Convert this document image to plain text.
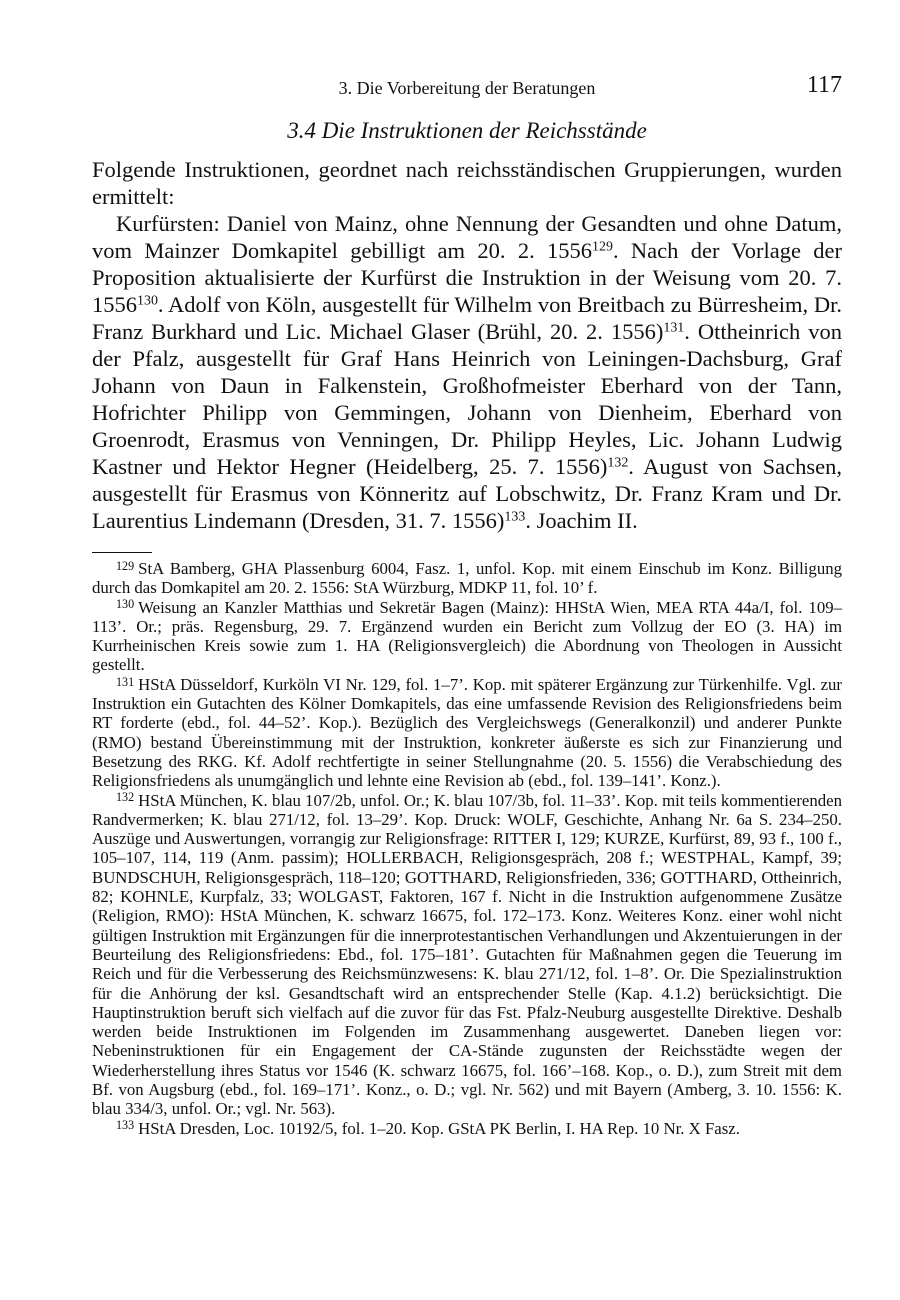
3. Die Vorbereitung der Beratungen	117
3.4 Die Instruktionen der Reichsstände

Folgende Instruktionen, geordnet nach reichsständischen Gruppierungen, wurden ermittelt:

Kurfürsten: Daniel von Mainz, ohne Nennung der Gesandten und ohne Datum, vom Mainzer Domkapitel gebilligt am 20. 2. 1556$^{129}$. Nach der Vorlage der Proposition aktualisierte der Kurfürst die Instruktion in der Weisung vom 20. 7. 1556$^{130}$. Adolf von Köln, ausgestellt für Wilhelm von Breitbach zu Bürresheim, Dr. Franz Burkhard und Lic. Michael Glaser (Brühl, 20. 2. 1556)$^{131}$. Ottheinrich von der Pfalz, ausgestellt für Graf Hans Heinrich von Leiningen-Dachsburg, Graf Johann von Daun in Falkenstein, Großhofmeister Eberhard von der Tann, Hofrichter Philipp von Gemmingen, Johann von Dienheim, Eberhard von Groenrodt, Erasmus von Venningen, Dr. Philipp Heyles, Lic. Johann Ludwig Kastner und Hektor Hegner (Heidelberg, 25. 7. 1556)$^{132}$. August von Sachsen, ausgestellt für Erasmus von Könneritz auf Lobschwitz, Dr. Franz Kram und Dr. Laurentius Lindemann (Dresden, 31. 7. 1556)$^{133}$. Joachim II.

$^{129}$ StA Bamberg, GHA Plassenburg 6004, Fasz. 1, unfol. Kop. mit einem Einschub im Konz. Billigung durch das Domkapitel am 20. 2. 1556: StA Würzburg, MDKP 11, fol. 10’ f.

$^{130}$ Weisung an Kanzler Matthias und Sekretär Bagen (Mainz): HHStA Wien, MEA RTA 44a/I, fol. 109–113’. Or.; präs. Regensburg, 29. 7. Ergänzend wurden ein Bericht zum Vollzug der EO (3. HA) im Kurrheinischen Kreis sowie zum 1. HA (Religionsvergleich) die Abordnung von Theologen in Aussicht gestellt.

$^{131}$ HStA Düsseldorf, Kurköln VI Nr. 129, fol. 1–7’. Kop. mit späterer Ergänzung zur Türkenhilfe. Vgl. zur Instruktion ein Gutachten des Kölner Domkapitels, das eine umfassende Revision des Religionsfriedens beim RT forderte (ebd., fol. 44–52’. Kop.). Bezüglich des Vergleichswegs (Generalkonzil) und anderer Punkte (RMO) bestand Übereinstimmung mit der Instruktion, konkreter äußerste es sich zur Finanzierung und Besetzung des RKG. Kf. Adolf rechtfertigte in seiner Stellungnahme (20. 5. 1556) die Verabschiedung des Religionsfriedens als unumgänglich und lehnte eine Revision ab (ebd., fol. 139–141’. Konz.).

$^{132}$ HStA München, K. blau 107/2b, unfol. Or.; K. blau 107/3b, fol. 11–33’. Kop. mit teils kommentierenden Randvermerken; K. blau 271/12, fol. 13–29’. Kop. Druck: WOLF, Geschichte, Anhang Nr. 6a S. 234–250. Auszüge und Auswertungen, vorrangig zur Religionsfrage: RITTER I, 129; KURZE, Kurfürst, 89, 93 f., 100 f., 105–107, 114, 119 (Anm. passim); HOLLERBACH, Religionsgespräch, 208 f.; WESTPHAL, Kampf, 39; BUNDSCHUH, Religionsgespräch, 118–120; GOTTHARD, Religionsfrieden, 336; GOTTHARD, Ottheinrich, 82; KOHNLE, Kurpfalz, 33; WOLGAST, Faktoren, 167 f. Nicht in die Instruktion aufgenommene Zusätze (Religion, RMO): HStA München, K. schwarz 16675, fol. 172–173. Konz. Weiteres Konz. einer wohl nicht gültigen Instruktion mit Ergänzungen für die innerprotestantischen Verhandlungen und Akzentuierungen in der Beurteilung des Religionsfriedens: Ebd., fol. 175–181’. Gutachten für Maßnahmen gegen die Teuerung im Reich und für die Verbesserung des Reichsmünzwesens: K. blau 271/12, fol. 1–8’. Or. Die Spezialinstruktion für die Anhörung der ksl. Gesandtschaft wird an entsprechender Stelle (Kap. 4.1.2) berücksichtigt. Die Hauptinstruktion beruft sich vielfach auf die zuvor für das Fst. Pfalz-Neuburg ausgestellte Direktive. Deshalb werden beide Instruktionen im Folgenden im Zusammenhang ausgewertet. Daneben liegen vor: Nebeninstruktionen für ein Engagement der CA-Stände zugunsten der Reichsstädte wegen der Wiederherstellung ihres Status vor 1546 (K. schwarz 16675, fol. 166’–168. Kop., o. D.), zum Streit mit dem Bf. von Augsburg (ebd., fol. 169–171’. Konz., o. D.; vgl. Nr. 562) und mit Bayern (Amberg, 3. 10. 1556: K. blau 334/3, unfol. Or.; vgl. Nr. 563).

$^{133}$ HStA Dresden, Loc. 10192/5, fol. 1–20. Kop. GStA PK Berlin, I. HA Rep. 10 Nr. X Fasz.
